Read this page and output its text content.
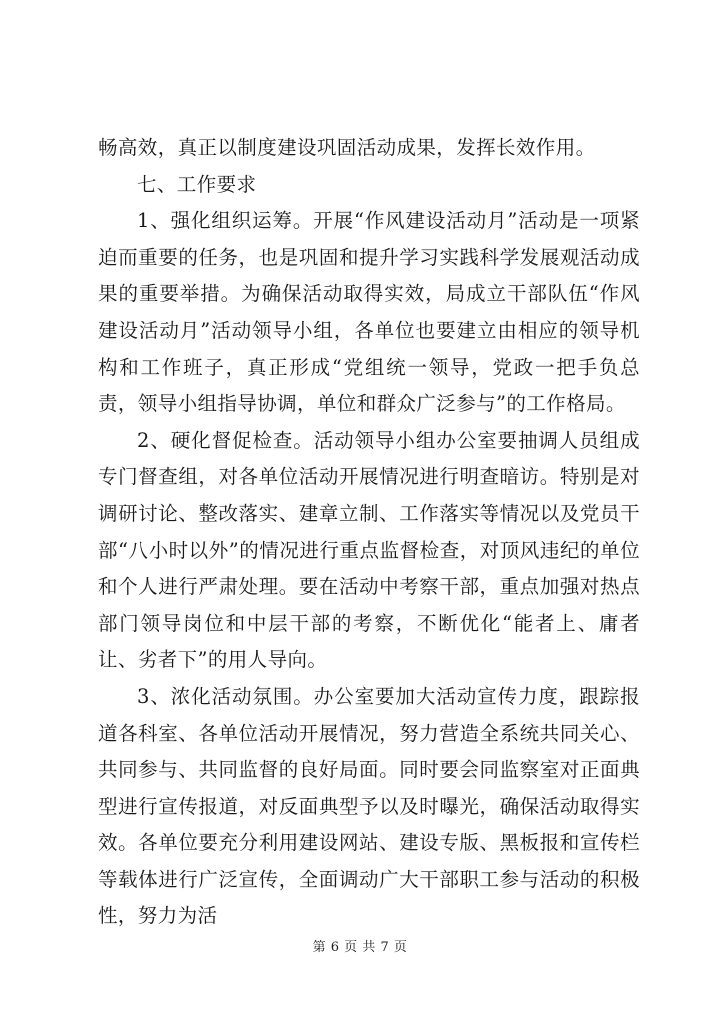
畅高效，真正以制度建设巩固活动成果，发挥长效作用。

七、工作要求

1、强化组织运筹。开展“作风建设活动月”活动是一项紧迫而重要的任务，也是巩固和提升学习实践科学发展观活动成果的重要举措。为确保活动取得实效，局成立干部队伍“作风建设活动月”活动领导小组，各单位也要建立由相应的领导机构和工作班子，真正形成“党组统一领导，党政一把手负总责，领导小组指导协调，单位和群众广泛参与”的工作格局。

2、硬化督促检查。活动领导小组办公室要抽调人员组成专门督查组，对各单位活动开展情况进行明查暗访。特别是对调研讨论、整改落实、建章立制、工作落实等情况以及党员干部“八小时以外”的情况进行重点监督检查，对顶风违纪的单位和个人进行严肃处理。要在活动中考察干部，重点加强对热点部门领导岗位和中层干部的考察，不断优化“能者上、庸者让、劣者下”的用人导向。

3、浓化活动氛围。办公室要加大活动宣传力度，跟踪报道各科室、各单位活动开展情况，努力营造全系统共同关心、共同参与、共同监督的良好局面。同时要会同监察室对正面典型进行宣传报道，对反面典型予以及时曝光，确保活动取得实效。各单位要充分利用建设网站、建设专版、黑板报和宣传栏等载体进行广泛宣传，全面调动广大干部职工参与活动的积极性，努力为活

第 6 页 共 7 页
